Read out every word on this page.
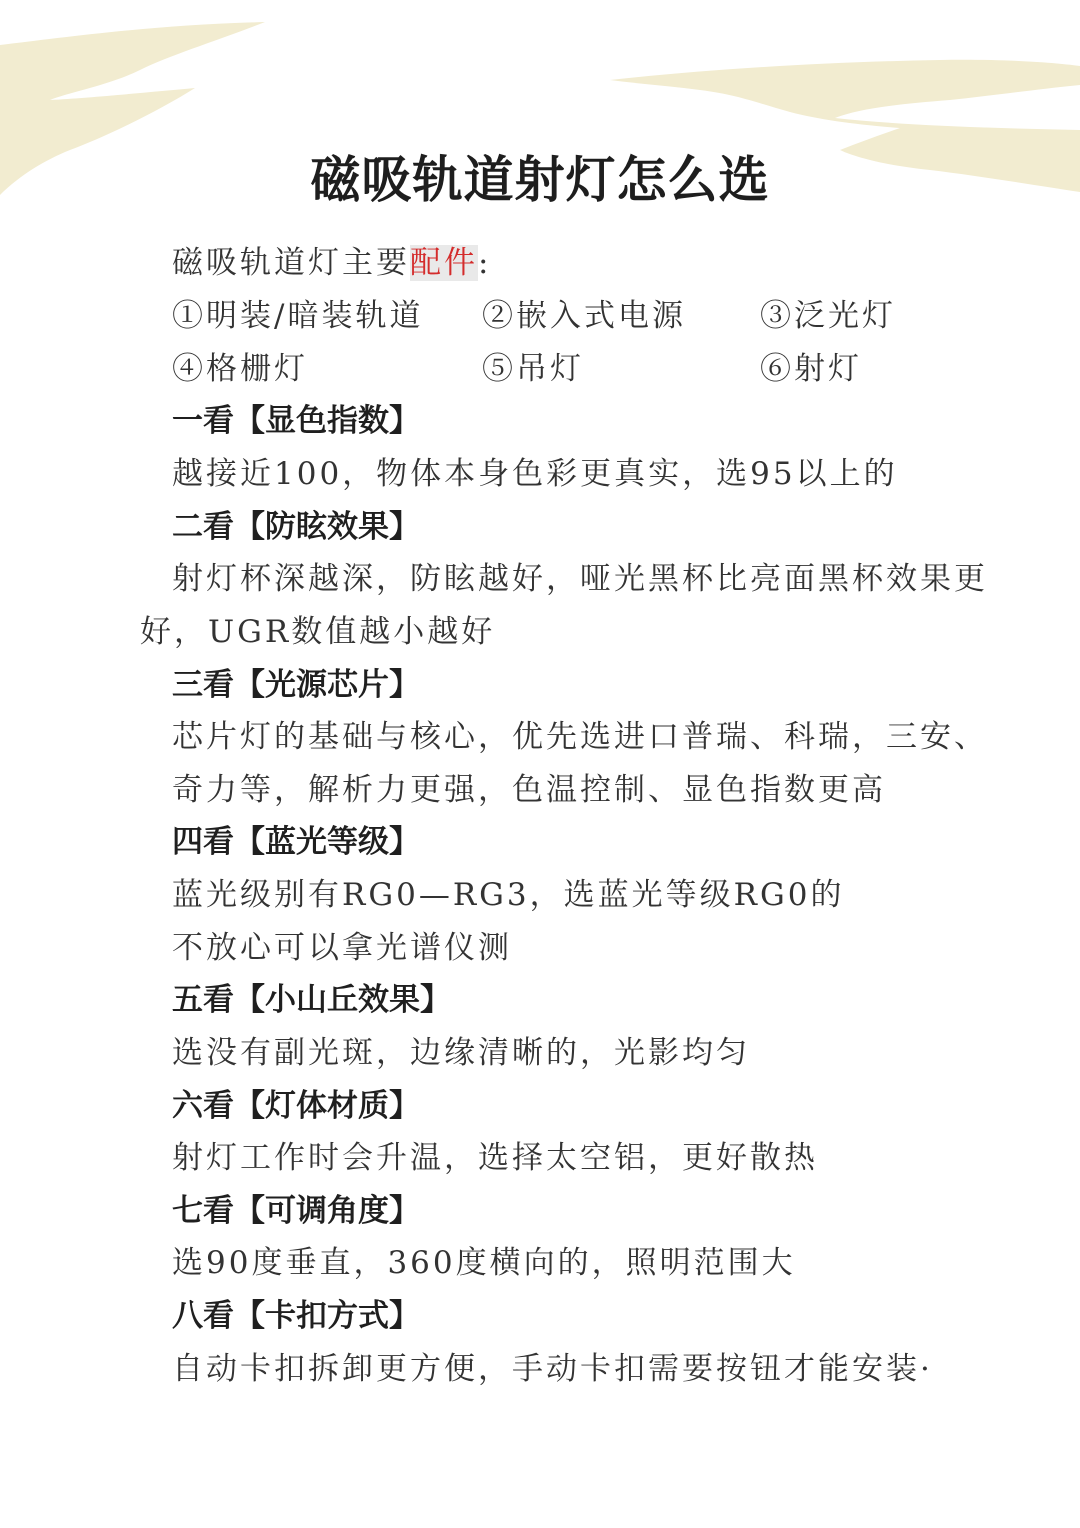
磁吸轨道射灯怎么选
磁吸轨道灯主要配件:
①明装/暗装轨道 ②嵌入式电源 ③泛光灯
④格栅灯	⑤吊灯	⑥射灯
一看【显色指数】
越接近100，物体本身色彩更真实，选95以上的
二看【防眩效果】
射灯杯深越深，防眩越好，哑光黑杯比亮面黑杯效果更
好，UGR数值越小越好
三看【光源芯片】
芯片灯的基础与核心，优先选进口普瑞、科瑞，三安、
奇力等，解析力更强，色温控制、显色指数更高
四看【蓝光等级】
蓝光级别有RG0—RG3，选蓝光等级RG0的
不放心可以拿光谱仪测
五看【小山丘效果】
选没有副光斑，边缘清晰的，光影均匀
六看【灯体材质】
射灯工作时会升温，选择太空铝，更好散热
七看【可调角度】
选90度垂直，360度横向的，照明范围大
八看【卡扣方式】
自动卡扣拆卸更方便，手动卡扣需要按钮才能安装·
